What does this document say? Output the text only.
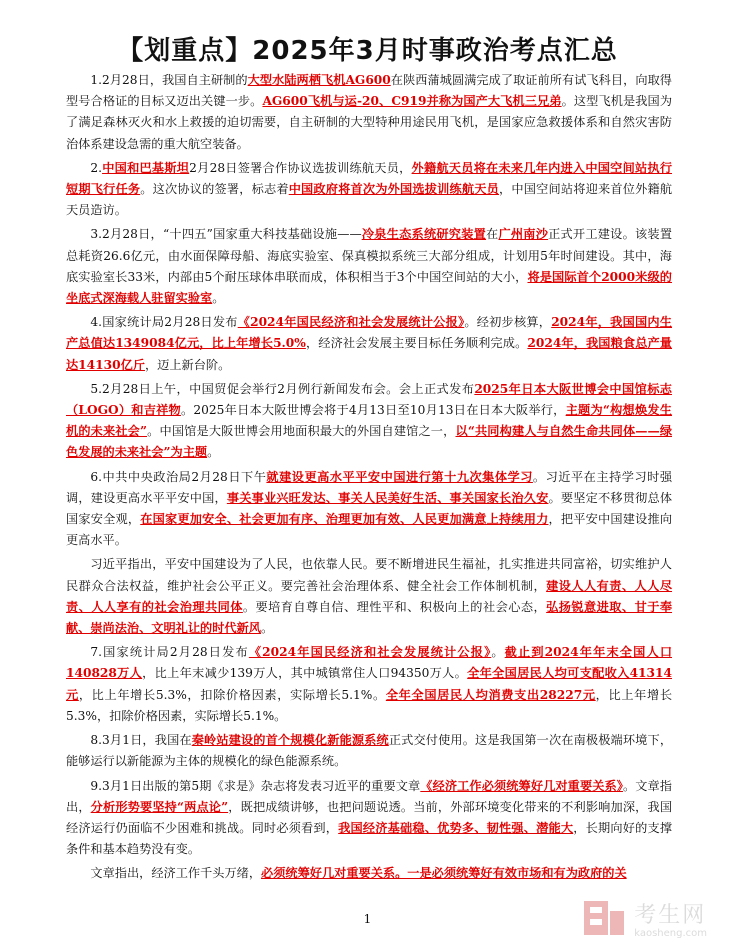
【划重点】2025年3月时事政治考点汇总

1.2月28日，我国自主研制的大型水陆两栖飞机AG600在陕西蒲城圆满完成了取证前所有试飞科目，向取得型号合格证的目标又迈出关键一步。AG600飞机与运-20、C919并称为国产大飞机三兄弟。这型飞机是我国为了满足森林灭火和水上救援的迫切需要，自主研制的大型特种用途民用飞机，是国家应急救援体系和自然灾害防治体系建设急需的重大航空装备。

2.中国和巴基斯坦2月28日签署合作协议选拔训练航天员，外籍航天员将在未来几年内进入中国空间站执行短期飞行任务。这次协议的签署，标志着中国政府将首次为外国选拔训练航天员，中国空间站将迎来首位外籍航天员造访。

3.2月28日，“十四五”国家重大科技基础设施——冷泉生态系统研究装置在广州南沙正式开工建设。该装置总耗资26.6亿元，由水面保障母船、海底实验室、保真模拟系统三大部分组成，计划用5年时间建设。其中，海底实验室长33米，内部由5个耐压球体串联而成，体积相当于3个中国空间站的大小，将是国际首个2000米级的坐底式深海载人驻留实验室。

4.国家统计局2月28日发布《2024年国民经济和社会发展统计公报》。经初步核算，2024年，我国国内生产总值达1349084亿元，比上年增长5.0%，经济社会发展主要目标任务顺利完成。2024年，我国粮食总产量达14130亿斤，迈上新台阶。

5.2月28日上午，中国贸促会举行2月例行新闻发布会。会上正式发布2025年日本大阪世博会中国馆标志（LOGO）和吉祥物。2025年日本大阪世博会将于4月13日至10月13日在日本大阪举行，主题为“构想焕发生机的未来社会”。中国馆是大阪世博会用地面积最大的外国自建馆之一，以“共同构建人与自然生命共同体——绿色发展的未来社会”为主题。

6.中共中央政治局2月28日下午就建设更高水平平安中国进行第十九次集体学习。习近平在主持学习时强调，建设更高水平平安中国，事关事业兴旺发达、事关人民美好生活、事关国家长治久安。要坚定不移贯彻总体国家安全观，在国家更加安全、社会更加有序、治理更加有效、人民更加满意上持续用力，把平安中国建设推向更高水平。

习近平指出，平安中国建设为了人民，也依靠人民。要不断增进民生福祉，扎实推进共同富裕，切实维护人民群众合法权益，维护社会公平正义。要完善社会治理体系、健全社会工作体制机制，建设人人有责、人人尽责、人人享有的社会治理共同体。要培育自尊自信、理性平和、积极向上的社会心态，弘扬锐意进取、甘于奉献、崇尚法治、文明礼让的时代新风。

7.国家统计局2月28日发布《2024年国民经济和社会发展统计公报》。截止到2024年年末全国人口140828万人，比上年末减少139万人，其中城镇常住人口94350万人。全年全国居民人均可支配收入41314元，比上年增长5.3%，扣除价格因素，实际增长5.1%。全年全国居民人均消费支出28227元，比上年增长5.3%，扣除价格因素，实际增长5.1%。

8.3月1日，我国在秦岭站建设的首个规模化新能源系统正式交付使用。这是我国第一次在南极极端环境下，能够运行以新能源为主体的规模化的绿色能源系统。

9.3月1日出版的第5期《求是》杂志将发表习近平的重要文章《经济工作必须统筹好几对重要关系》。文章指出，分析形势要坚持“两点论”，既把成绩讲够，也把问题说透。当前，外部环境变化带来的不利影响加深，我国经济运行仍面临不少困难和挑战。同时必须看到，我国经济基础稳、优势多、韧性强、潜能大，长期向好的支撑条件和基本趋势没有变。

文章指出，经济工作千头万绪，必须统筹好几对重要关系。一是必须统筹好有效市场和有为政府的关

1	考生网
kaosheng.com
